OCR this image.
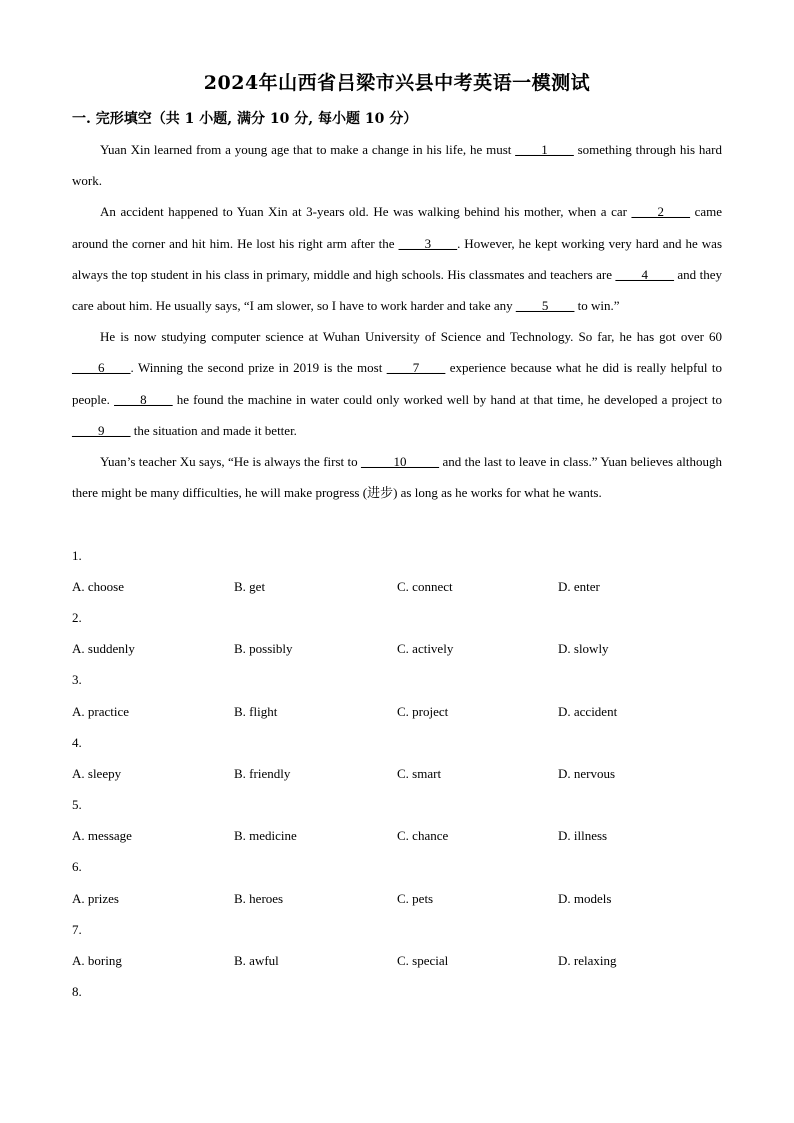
2024年山西省吕梁市兴县中考英语一模测试
一. 完形填空（共 1 小题, 满分 10 分, 每小题 10 分）

Yuan Xin learned from a young age that to make a change in his life, he must ____1____ something through his hard work.

An accident happened to Yuan Xin at 3-years old. He was walking behind his mother, when a car ____2____ came around the corner and hit him. He lost his right arm after the ____3____. However, he kept working very hard and he was always the top student in his class in primary, middle and high schools. His classmates and teachers are ____4____ and they care about him. He usually says, “I am slower, so I have to work harder and take any ____5____ to win.”

He is now studying computer science at Wuhan University of Science and Technology. So far, he has got over 60 ____6____. Winning the second prize in 2019 is the most ____7____ experience because what he did is really helpful to people. ____8____ he found the machine in water could only worked well by hand at that time, he developed a project to ____9____ the situation and made it better.

Yuan’s teacher Xu says, “He is always the first to _____10_____ and the last to leave in class.” Yuan believes although there might be many difficulties, he will make progress (进步) as long as he works for what he wants.

1.
A. choose	B. get	C. connect	D. enter
2.
A. suddenly	B. possibly	C. actively	D. slowly
3.
A. practice	B. flight	C. project	D. accident
4.
A. sleepy	B. friendly	C. smart	D. nervous
5.
A. message	B. medicine	C. chance	D. illness
6.
A. prizes	B. heroes	C. pets	D. models
7.
A. boring	B. awful	C. special	D. relaxing
8.
